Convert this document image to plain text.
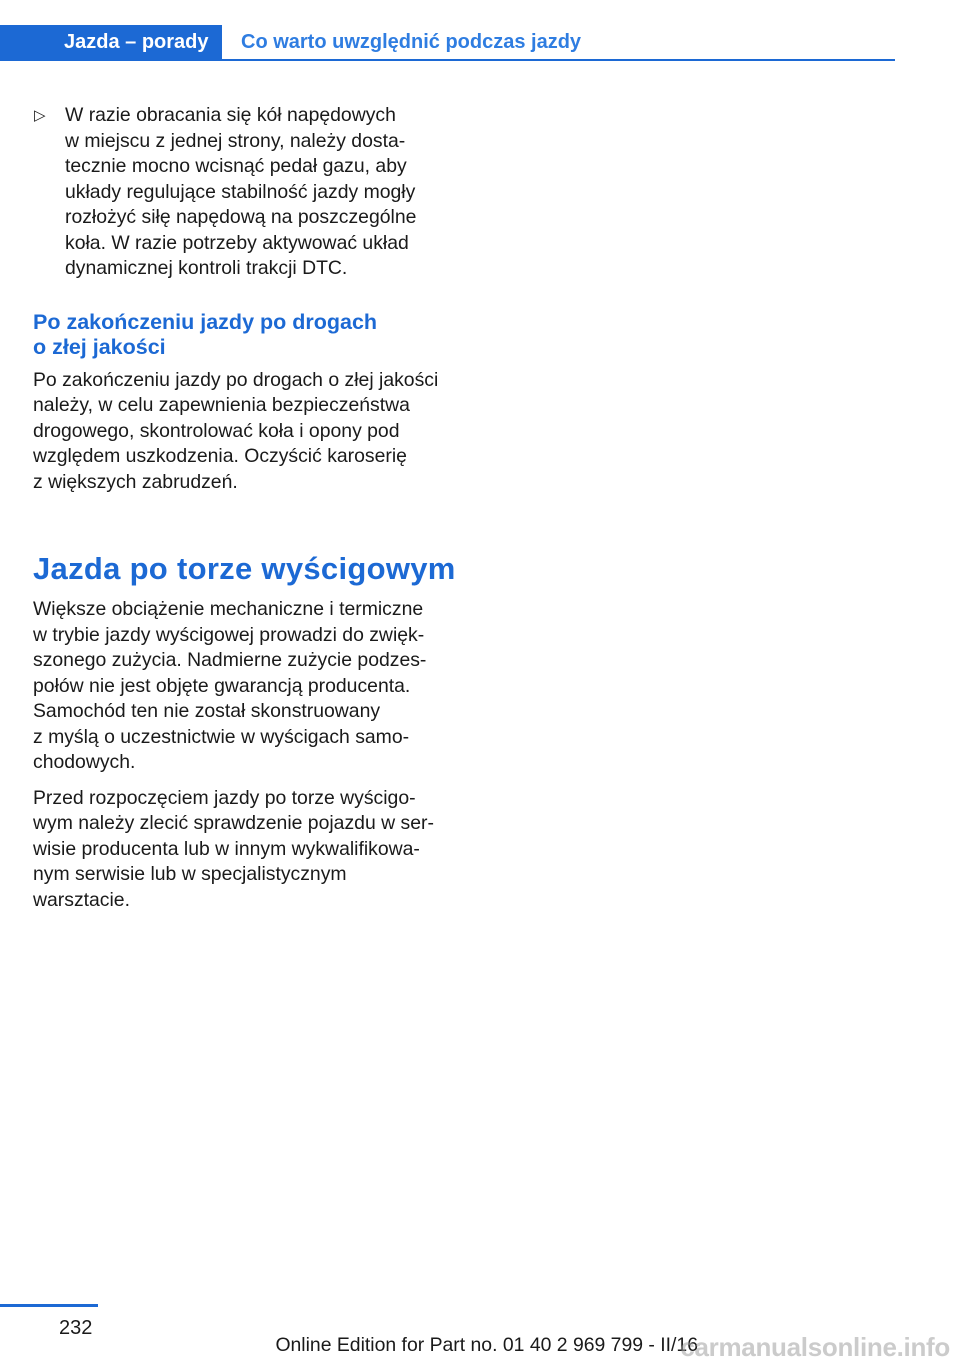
Jazda – porady	Co warto uwzględnić podczas jazdy
▷ W razie obracania się kół napędowych

w miejscu z jednej strony, należy dosta-

tecznie mocno wcisnąć pedał gazu, aby

układy regulujące stabilność jazdy mogły

rozłożyć siłę napędową na poszczególne

koła. W razie potrzeby aktywować układ

dynamicznej kontroli trakcji DTC.

Po zakończeniu jazdy po drogach
o złej jakości

Po zakończeniu jazdy po drogach o złej jakości

należy, w celu zapewnienia bezpieczeństwa

drogowego, skontrolować koła i opony pod

względem uszkodzenia. Oczyścić karoserię

z większych zabrudzeń.

Jazda po torze wyścigowym

Większe obciążenie mechaniczne i termiczne

w trybie jazdy wyścigowej prowadzi do zwięk-

szonego zużycia. Nadmierne zużycie podzes-

połów nie jest objęte gwarancją producenta.

Samochód ten nie został skonstruowany

z myślą o uczestnictwie w wyścigach samo-

chodowych.

Przed rozpoczęciem jazdy po torze wyścigo-

wym należy zlecić sprawdzenie pojazdu w ser-

wisie producenta lub w innym wykwalifikowa-

nym serwisie lub w specjalistycznym

warsztacie.

232
Online Edition for Part no. 01 40 2 969 799 - II/16
carmanualsonline.info
